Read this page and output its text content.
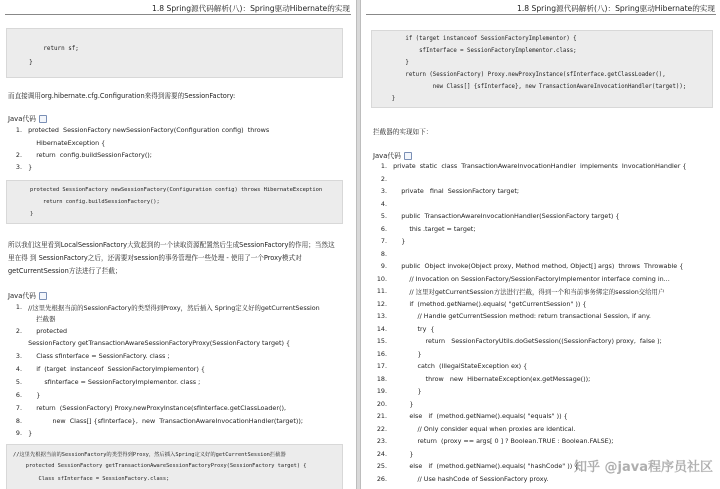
1.8 Spring源代码解析(八)：Spring驱动Hibernate的实现
return sf;
}
而直接调用org.hibernate.cfg.Configuration来得到需要的SessionFactory:
Java代码
1. protected  SessionFactory newSessionFactory(Configuration config)  throws
HibernateException {
2. return  config.buildSessionFactory();
3. }
protected SessionFactory newSessionFactory(Configuration config) throws HibernateException
return config.buildSessionFactory();
}
所以我们这里看到LocalSessionFactory大致起到的一个读取资源配置然后生成SessionFactory的作用；当然这
里在得 到 SessionFactory之后，还需要对session的事务管理作一些处理 - 使用了一个Proxy模式对
getCurrentSession方法进行了拦截；
Java代码
1. //这里先根据当前的SessionFactory的类型得到Proxy，然后插入 Spring定义好的getCurrentSession
拦截器
2. protected
SessionFactory getTransactionAwareSessionFactoryProxy(SessionFactory target) {
3. Class sfInterface = SessionFactory. class ;
4. if  (target  instanceof  SessionFactoryImplementor) {
5. sfInterface = SessionFactoryImplementor. class ;
6. }
7. return  (SessionFactory) Proxy.newProxyInstance(sfInterface.getClassLoader(),
8. new  Class[] {sfInterface},  new  TransactionAwareInvocationHandler(target));
9. }
//这里先根据当前的SessionFactory的类型得到Proxy，然后插入Spring定义好的getCurrentSession拦截器
protected SessionFactory getTransactionAwareSessionFactoryProxy(SessionFactory target) {
Class sfInterface = SessionFactory.class;
1.8 Spring源代码解析(八)：Spring驱动Hibernate的实现
if (target instanceof SessionFactoryImplementor) {
sfInterface = SessionFactoryImplementor.class;
}
return (SessionFactory) Proxy.newProxyInstance(sfInterface.getClassLoader(),
new Class[] {sfInterface}, new TransactionAwareInvocationHandler(target));
}
拦截器的实现如下：
Java代码
1. private  static  class  TransactionAwareInvocationHandler  implements  InvocationHandler {
2.
3. private   final  SessionFactory target;
4.
5. public  TransactionAwareInvocationHandler(SessionFactory target) {
6. this .target = target;
7. }
8.
9. public  Object invoke(Object proxy, Method method, Object[] args)  throws  Throwable {
10. // Invocation on SessionFactory/SessionFactoryImplementor interface coming in...
11. // 这里对getCurrentSession方法进行拦截，得到一个和当前事务绑定的session交给用户
12. if  (method.getName().equals( "getCurrentSession" )) {
13. // Handle getCurrentSession method: return transactional Session, if any.
14. try  {
15. return   SessionFactoryUtils.doGetSession((SessionFactory) proxy,  false );
16. }
17. catch  (IllegalStateException ex) {
18. throw   new  HibernateException(ex.getMessage());
19. }
20. }
21. else   if  (method.getName().equals( "equals" )) {
22. // Only consider equal when proxies are identical.
23. return  (proxy == args[ 0 ] ? Boolean.TRUE : Boolean.FALSE);
24. }
25. else   if  (method.getName().equals( "hashCode" )) {
26. // Use hashCode of SessionFactory proxy.
知乎 @java程序员社区
